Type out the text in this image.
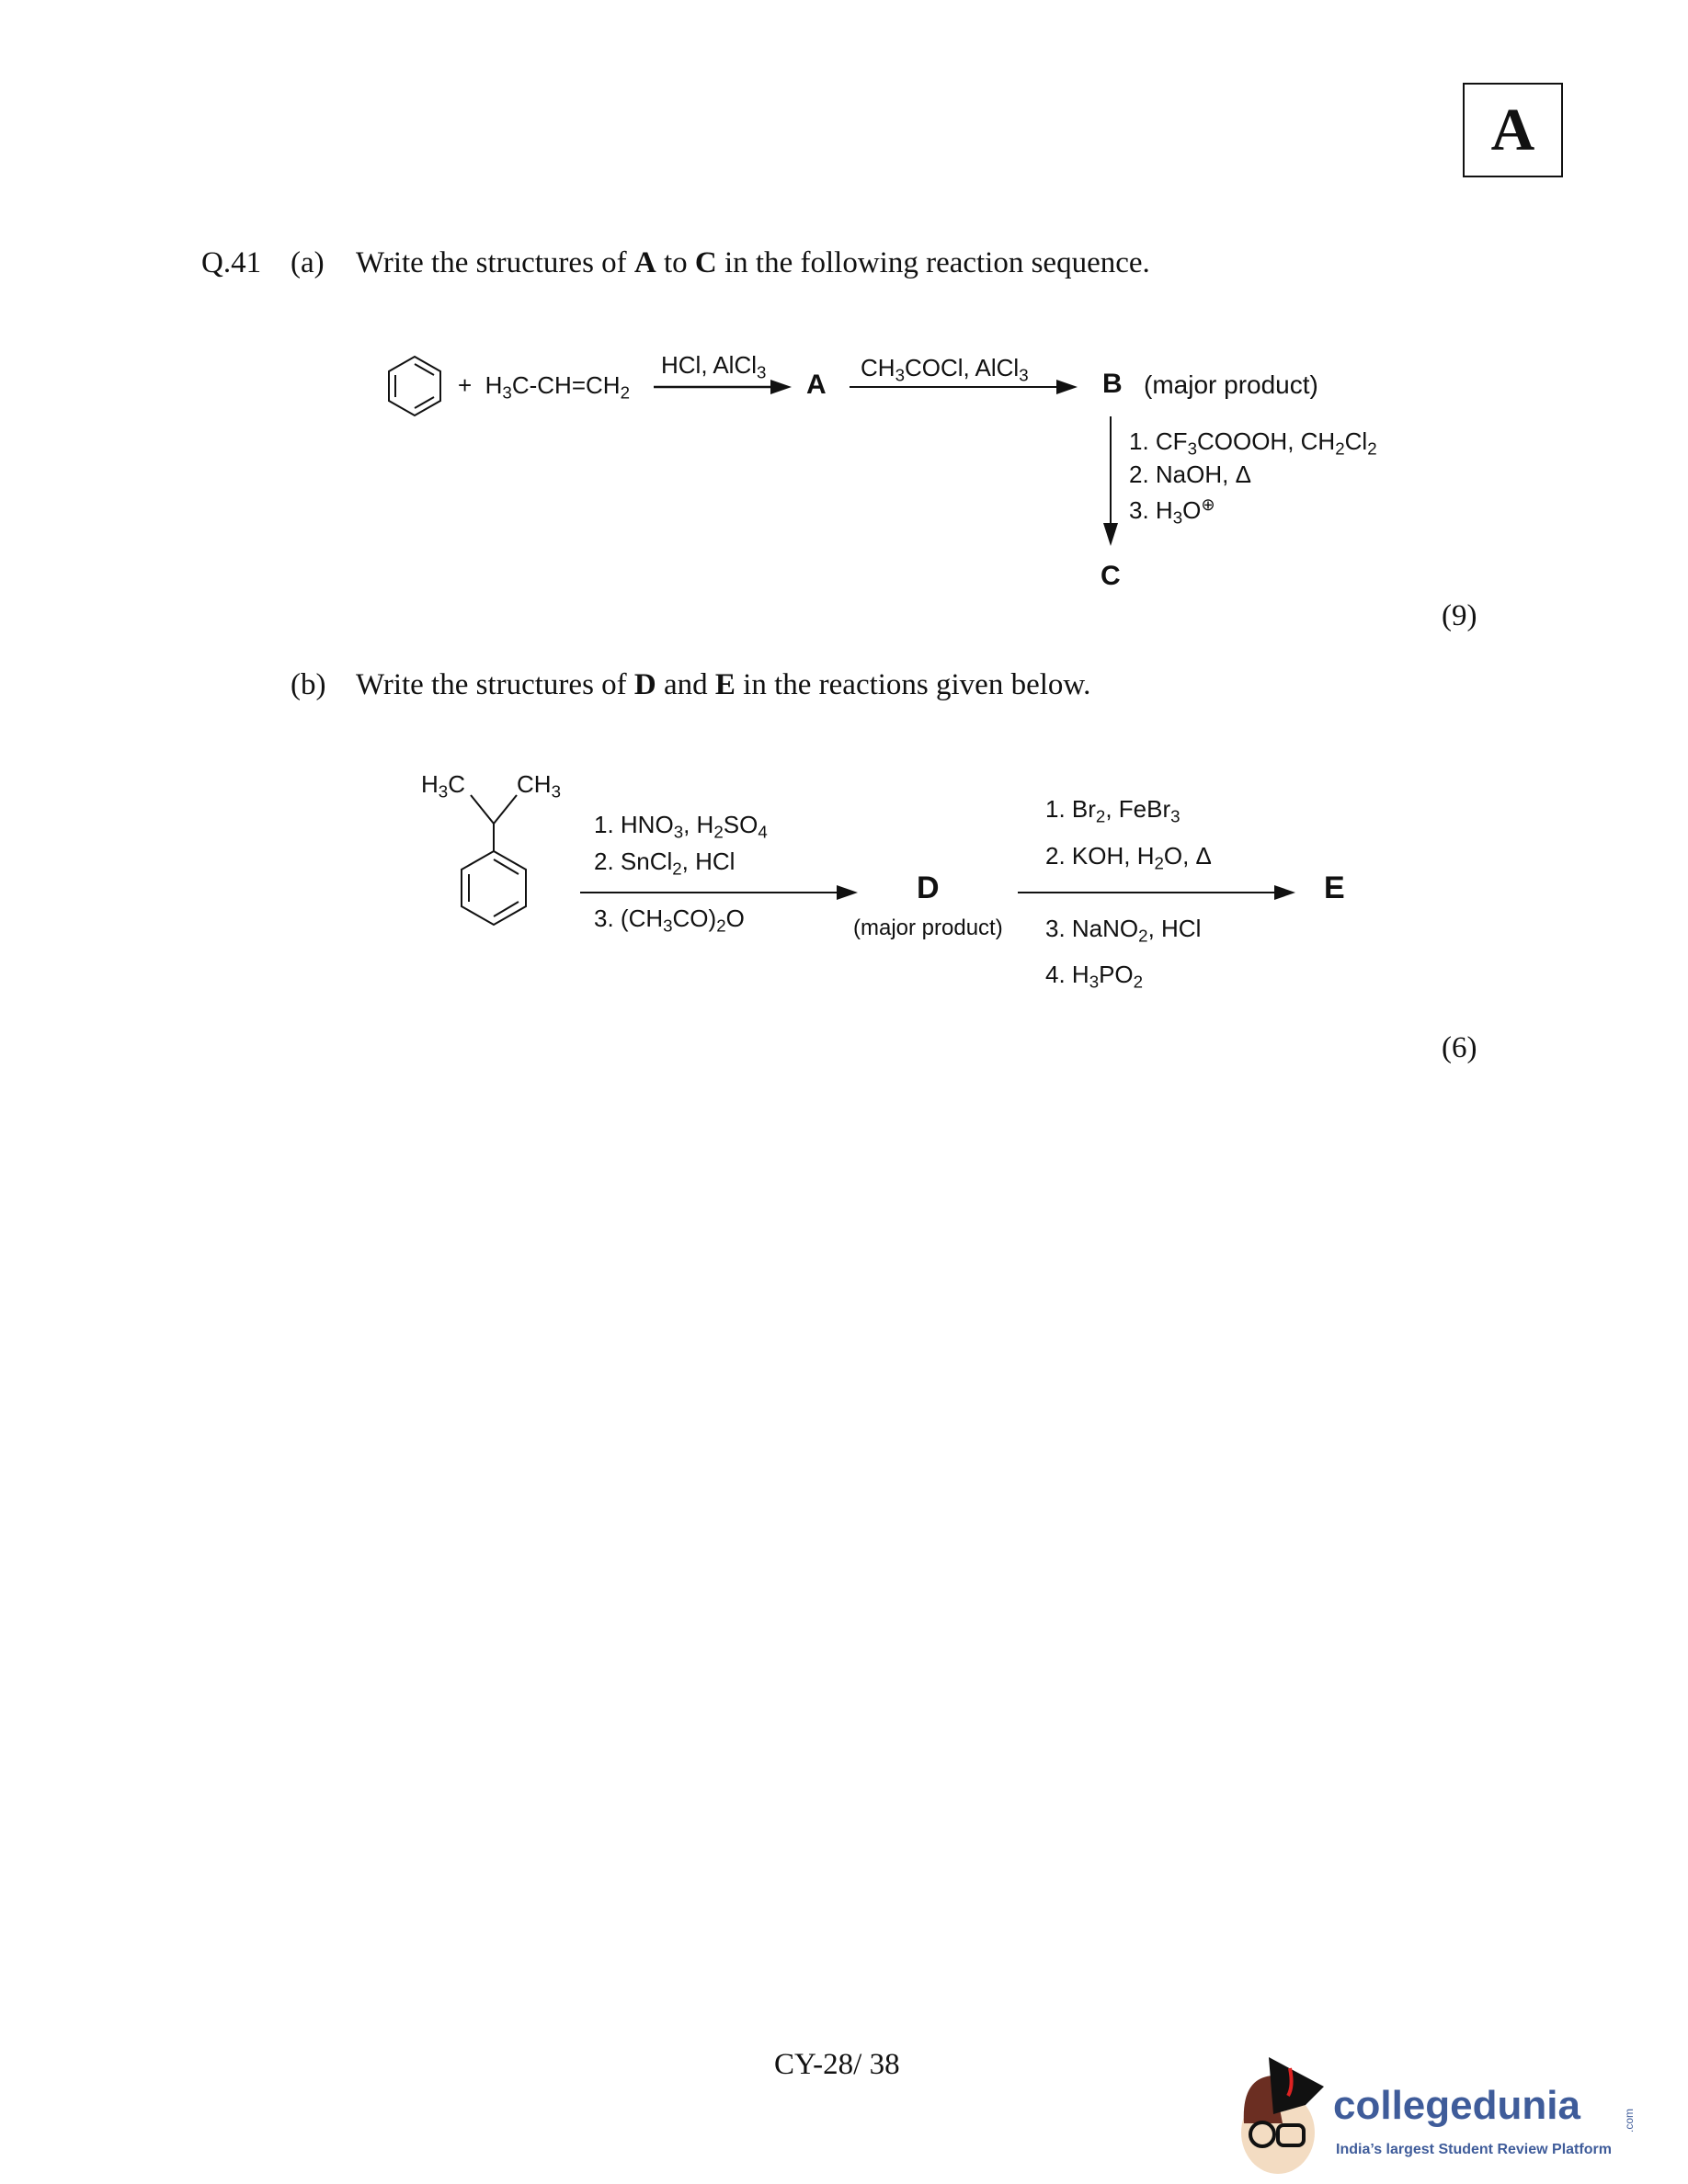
A
Q.41 (a) Write the structures of A to C in the following reaction sequence.
+ $H_3C-CH=CH_2$
HCl, AlCl$_3$ A
$CH_3COCl$, AlCl$_3$	B (major product)
1. $CF_3COOOH$, $CH_2Cl_2$
2. NaOH, Δ
3. $H_3O^\oplus$
C
(9)
(b) Write the structures of D and E in the reactions given below.
$H_3C$ $CH_3$
1. $HNO_3$, $H_2SO_4$
2. SnCl$_2$, HCl
3. $(CH_3CO)_2O$
D
(major product)
1. $Br_2$, FeBr$_3$
2. KOH, $H_2O$, Δ
3. NaNO$_2$, HCl
4. $H_3PO_2$
E
(6)
CY-28/ 38
collegedunia	.com
India’s largest Student Review Platform
